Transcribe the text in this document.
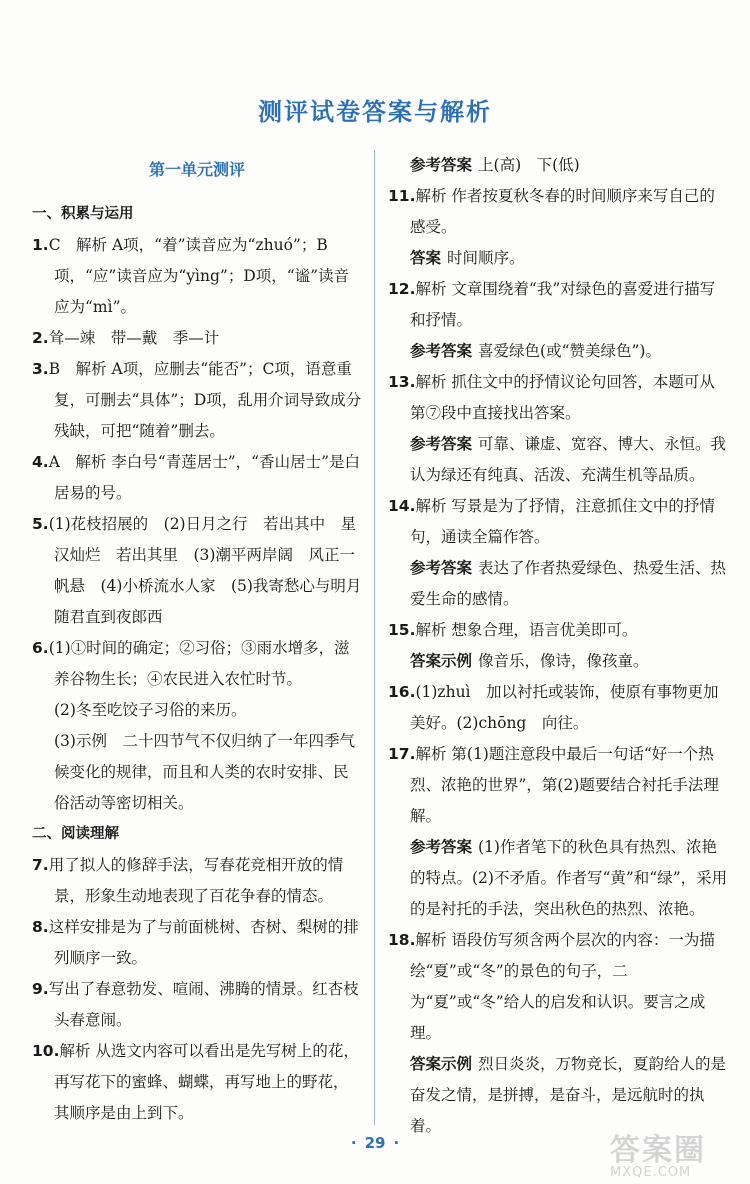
测评试卷答案与解析
第一单元测评
一、积累与运用
1.C　解析 A项，“着”读音应为“zhuó”；B项，“应”读音应为“yìng”；D项，“谧”读音应为“mì”。
2.耸—竦　带—戴　季—计
3.B　解析 A项，应删去“能否”；C项，语意重复，可删去“具体”；D项，乱用介词导致成分残缺，可把“随着”删去。
4.A　解析 李白号“青莲居士”，“香山居士”是白居易的号。
5.(1)花枝招展的　(2)日月之行　若出其中　星汉灿烂　若出其里　(3)潮平两岸阔　风正一帆悬　(4)小桥流水人家　(5)我寄愁心与明月　随君直到夜郎西
6.(1)①时间的确定；②习俗；③雨水增多，滋养谷物生长；④农民进入农忙时节。
(2)冬至吃饺子习俗的来历。
(3)示例　二十四节气不仅归纳了一年四季气候变化的规律，而且和人类的农时安排、民俗活动等密切相关。
二、阅读理解
7.用了拟人的修辞手法，写春花竞相开放的情景，形象生动地表现了百花争春的情态。
8.这样安排是为了与前面桃树、杏树、梨树的排列顺序一致。
9.写出了春意勃发、喧闹、沸腾的情景。红杏枝头春意闹。
10.解析 从选文内容可以看出是先写树上的花，再写花下的蜜蜂、蝴蝶，再写地上的野花，其顺序是由上到下。
参考答案 上(高)　下(低)
11.解析 作者按夏秋冬春的时间顺序来写自己的感受。
答案 时间顺序。
12.解析 文章围绕着“我”对绿色的喜爱进行描写和抒情。
参考答案 喜爱绿色(或“赞美绿色”)。
13.解析 抓住文中的抒情议论句回答，本题可从第⑦段中直接找出答案。
参考答案 可靠、谦虚、宽容、博大、永恒。我认为绿还有纯真、活泼、充满生机等品质。
14.解析 写景是为了抒情，注意抓住文中的抒情句，通读全篇作答。
参考答案 表达了作者热爱绿色、热爱生活、热爱生命的感情。
15.解析 想象合理，语言优美即可。
答案示例 像音乐，像诗，像孩童。
16.(1)zhuì　加以衬托或装饰，使原有事物更加美好。(2)chōng　向往。
17.解析 第(1)题注意段中最后一句话“好一个热烈、浓艳的世界”，第(2)题要结合衬托手法理解。
参考答案 (1)作者笔下的秋色具有热烈、浓艳的特点。(2)不矛盾。作者写“黄”和“绿”，采用的是衬托的手法，突出秋色的热烈、浓艳。
18.解析 语段仿写须含两个层次的内容：一为描绘“夏”或“冬”的景色的句子，二为“夏”或“冬”给人的启发和认识。要言之成理。
答案示例 烈日炎炎，万物竞长，夏韵给人的是奋发之情，是拼搏，是奋斗，是远航时的执着。
· 29 ·	答案圈
MXQE.COM
